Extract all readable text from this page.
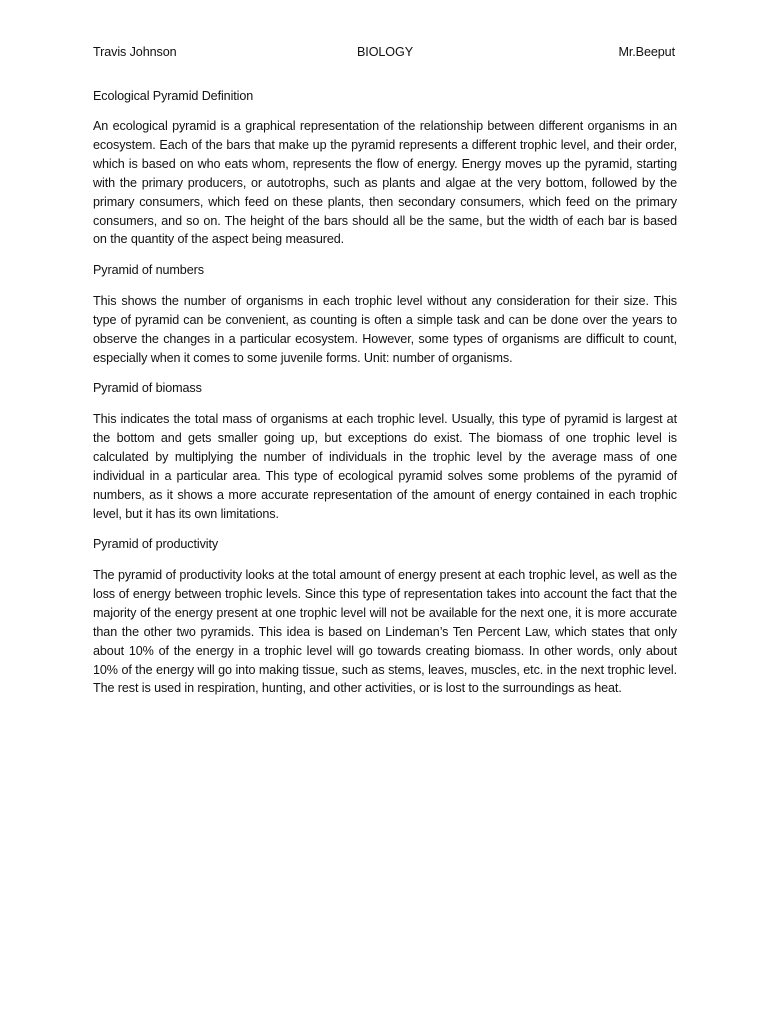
Travis Johnson	BIOLOGY	Mr.Beeput
Ecological Pyramid Definition

An ecological pyramid is a graphical representation of the relationship between different organisms in an ecosystem. Each of the bars that make up the pyramid represents a different trophic level, and their order, which is based on who eats whom, represents the flow of energy. Energy moves up the pyramid, starting with the primary producers, or autotrophs, such as plants and algae at the very bottom, followed by the primary consumers, which feed on these plants, then secondary consumers, which feed on the primary consumers, and so on. The height of the bars should all be the same, but the width of each bar is based on the quantity of the aspect being measured.

Pyramid of numbers

This shows the number of organisms in each trophic level without any consideration for their size. This type of pyramid can be convenient, as counting is often a simple task and can be done over the years to observe the changes in a particular ecosystem. However, some types of organisms are difficult to count, especially when it comes to some juvenile forms. Unit: number of organisms.

Pyramid of biomass

This indicates the total mass of organisms at each trophic level. Usually, this type of pyramid is largest at the bottom and gets smaller going up, but exceptions do exist. The biomass of one trophic level is calculated by multiplying the number of individuals in the trophic level by the average mass of one individual in a particular area. This type of ecological pyramid solves some problems of the pyramid of numbers, as it shows a more accurate representation of the amount of energy contained in each trophic level, but it has its own limitations.

Pyramid of productivity

The pyramid of productivity looks at the total amount of energy present at each trophic level, as well as the loss of energy between trophic levels. Since this type of representation takes into account the fact that the majority of the energy present at one trophic level will not be available for the next one, it is more accurate than the other two pyramids. This idea is based on Lindeman’s Ten Percent Law, which states that only about 10% of the energy in a trophic level will go towards creating biomass. In other words, only about 10% of the energy will go into making tissue, such as stems, leaves, muscles, etc. in the next trophic level. The rest is used in respiration, hunting, and other activities, or is lost to the surroundings as heat.
